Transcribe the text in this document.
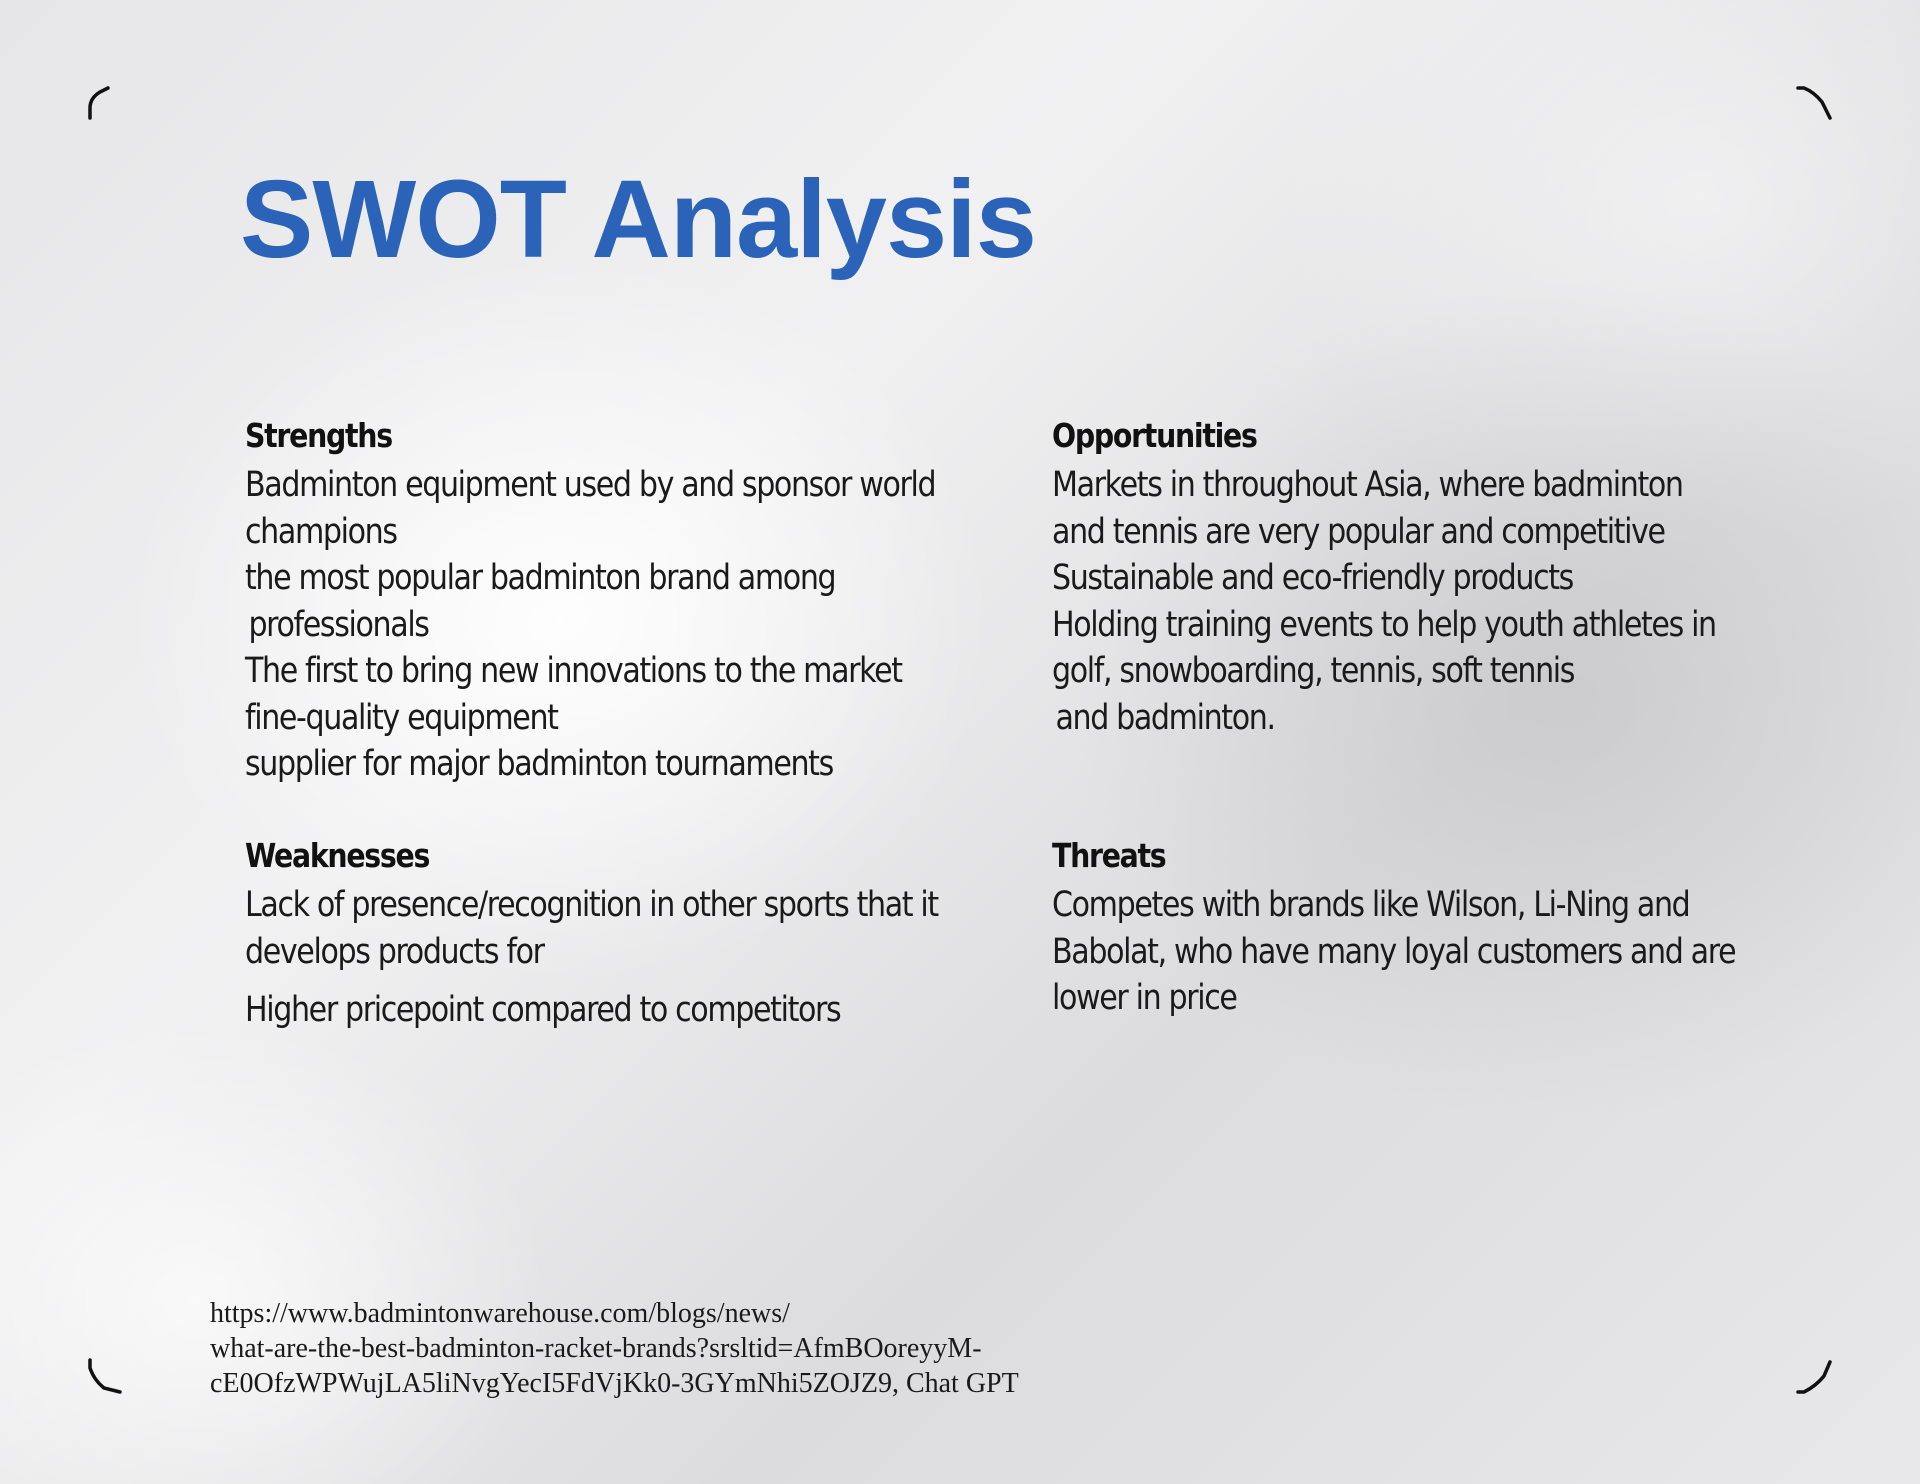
SWOT Analysis
Strengths

Badminton equipment used by and sponsor world

champions

the most popular badminton brand among

professionals

The first to bring new innovations to the market

fine-quality equipment

supplier for major badminton tournaments

Opportunities

Markets in throughout Asia, where badminton

and tennis are very popular and competitive

Sustainable and eco-friendly products

Holding training events to help youth athletes in

golf, snowboarding, tennis, soft tennis

and badminton.

Weaknesses

Lack of presence/recognition in other sports that it

develops products for

Higher pricepoint compared to competitors

Threats

Competes with brands like Wilson, Li-Ning and

Babolat, who have many loyal customers and are

lower in price

https://www.badmintonwarehouse.com/blogs/news/
what-are-the-best-badminton-racket-brands?srsltid=AfmBOoreyyM-
cE0OfzWPWujLA5liNvgYecI5FdVjKk0-3GYmNhi5ZOJZ9, Chat GPT
